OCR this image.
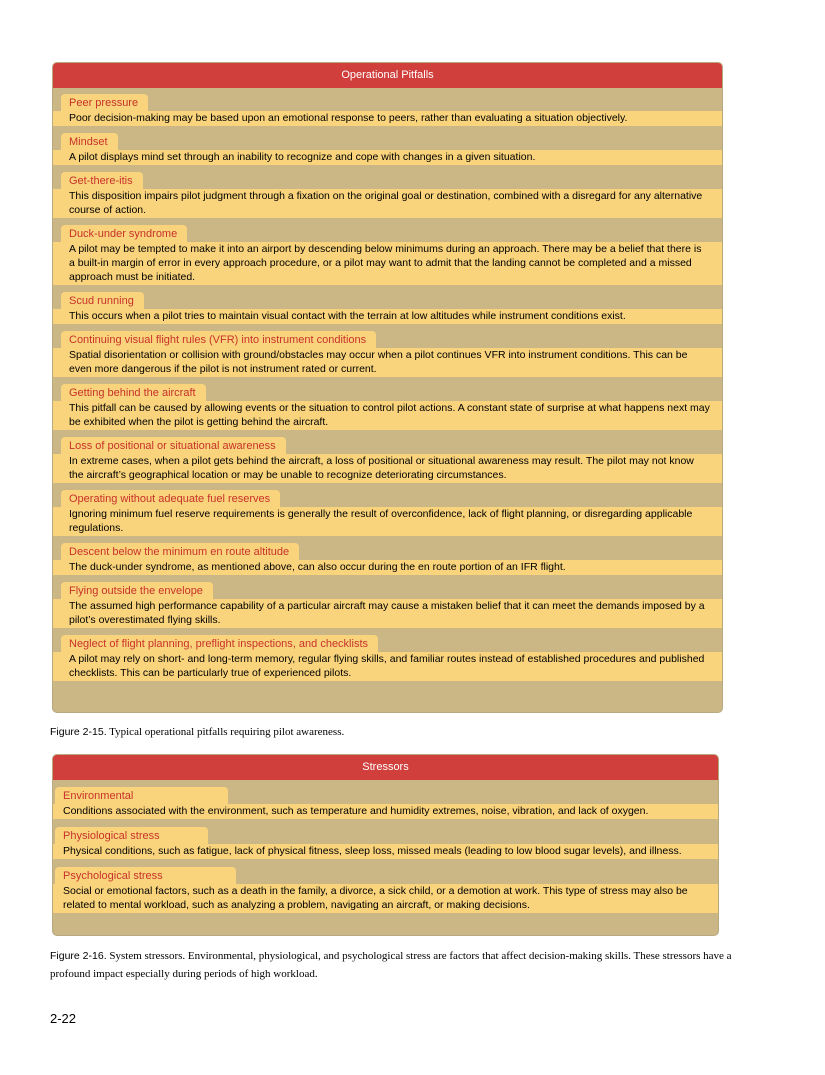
Operational Pitfalls
Peer pressure
Poor decision-making may be based upon an emotional response to peers, rather than evaluating a situation objectively.
Mindset
A pilot displays mind set through an inability to recognize and cope with changes in a given situation.
Get-there-itis
This disposition impairs pilot judgment through a fixation on the original goal or destination, combined with a disregard for any alternative course of action.
Duck-under syndrome
A pilot may be tempted to make it into an airport by descending below minimums during an approach. There may be a belief that there is a built-in margin of error in every approach procedure, or a pilot may want to admit that the landing cannot be completed and a missed approach must be initiated.
Scud running
This occurs when a pilot tries to maintain visual contact with the terrain at low altitudes while instrument conditions exist.
Continuing visual flight rules (VFR) into instrument conditions
Spatial disorientation or collision with ground/obstacles may occur when a pilot continues VFR into instrument conditions. This can be even more dangerous if the pilot is not instrument rated or current.
Getting behind the aircraft
This pitfall can be caused by allowing events or the situation to control pilot actions. A constant state of surprise at what happens next may be exhibited when the pilot is getting behind the aircraft.
Loss of positional or situational awareness
In extreme cases, when a pilot gets behind the aircraft, a loss of positional or situational awareness may result. The pilot may not know the aircraft’s geographical location or may be unable to recognize deteriorating circumstances.
Operating without adequate fuel reserves
Ignoring minimum fuel reserve requirements is generally the result of overconfidence, lack of flight planning, or disregarding applicable regulations.
Descent below the minimum en route altitude
The duck-under syndrome, as mentioned above, can also occur during the en route portion of an IFR flight.
Flying outside the envelope
The assumed high performance capability of a particular aircraft may cause a mistaken belief that it can meet the demands imposed by a pilot’s overestimated flying skills.
Neglect of flight planning, preflight inspections, and checklists
A pilot may rely on short- and long-term memory, regular flying skills, and familiar routes instead of established procedures and published checklists. This can be particularly true of experienced pilots.
Figure 2-15. Typical operational pitfalls requiring pilot awareness.
Stressors
Environmental
Conditions associated with the environment, such as temperature and humidity extremes, noise, vibration, and lack of oxygen.
Physiological stress
Physical conditions, such as fatigue, lack of physical fitness, sleep loss, missed meals (leading to low blood sugar levels), and illness.
Psychological stress
Social or emotional factors, such as a death in the family, a divorce, a sick child, or a demotion at work. This type of stress may also be related to mental workload, such as analyzing a problem, navigating an aircraft, or making decisions.
Figure 2-16. System stressors. Environmental, physiological, and psychological stress are factors that affect decision-making skills. These stressors have a profound impact especially during periods of high workload.
2-22
